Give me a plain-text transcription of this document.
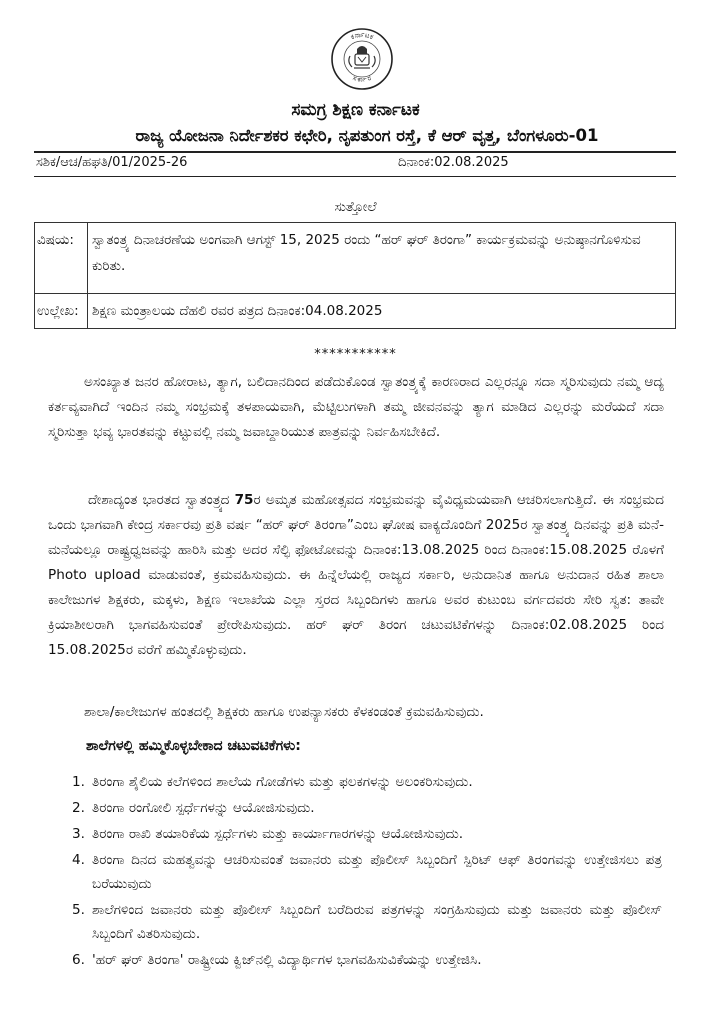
ಕರ್ನಾಟಕ
ಸರ್ಕಾರ
ಸಮಗ್ರ ಶಿಕ್ಷಣ ಕರ್ನಾಟಕ
ರಾಜ್ಯ ಯೋಜನಾ ನಿರ್ದೇಶಕರ ಕಛೇರಿ, ನೃಪತುಂಗ ರಸ್ತೆ, ಕೆ ಆರ್ ವೃತ್ತ, ಬೆಂಗಳೂರು-01
ಸಶಿಕ/ಆಚ/ಹಘತಿ/01/2025-26	ದಿನಾಂಕ:02.08.2025
ಸುತ್ತೋಲೆ
ವಿಷಯ:	ಸ್ವಾತಂತ್ರ್ಯ ದಿನಾಚರಣೆಯ ಅಂಗವಾಗಿ ಆಗಸ್ಟ್ 15, 2025 ರಂದು “ಹರ್ ಘರ್ ತಿರಂಗಾ” ಕಾರ್ಯಕ್ರಮವನ್ನು ಅನುಷ್ಠಾನಗೊಳಿಸುವ ಕುರಿತು.
ಉಲ್ಲೇಖ:	ಶಿಕ್ಷಣ ಮಂತ್ರಾಲಯ ದೆಹಲಿ ರವರ ಪತ್ರದ ದಿನಾಂಕ:04.08.2025
***********

ಅಸಂಖ್ಯಾತ ಜನರ ಹೋರಾಟ, ತ್ಯಾಗ, ಬಲಿದಾನದಿಂದ ಪಡೆದುಕೊಂಡ ಸ್ವಾತಂತ್ರ್ಯಕ್ಕೆ ಕಾರಣರಾದ ಎಲ್ಲರನ್ನೂ ಸದಾ ಸ್ಮರಿಸುವುದು ನಮ್ಮ ಆದ್ಯ ಕರ್ತವ್ಯವಾಗಿದೆ ಇಂದಿನ ನಮ್ಮ ಸಂಭ್ರಮಕ್ಕೆ ತಳಪಾಯವಾಗಿ, ಮೆಟ್ಟಿಲುಗಳಾಗಿ ತಮ್ಮ ಜೀವನವನ್ನು ತ್ಯಾಗ ಮಾಡಿದ ಎಲ್ಲರನ್ನು ಮರೆಯದೆ ಸದಾ ಸ್ಮರಿಸುತ್ತಾ ಭವ್ಯ ಭಾರತವನ್ನು ಕಟ್ಟುವಲ್ಲಿ ನಮ್ಮ ಜವಾಬ್ದಾರಿಯುತ ಪಾತ್ರವನ್ನು ನಿರ್ವಹಿಸಬೇಕಿದೆ.

ದೇಶಾದ್ಯಂತ ಭಾರತದ ಸ್ವಾತಂತ್ರ್ಯದ 75ರ ಅಮೃತ ಮಹೋತ್ಸವದ ಸಂಭ್ರಮವನ್ನು ವೈವಿಧ್ಯಮಯವಾಗಿ ಆಚರಿಸಲಾಗುತ್ತಿದೆ. ಈ ಸಂಭ್ರಮದ ಒಂದು ಭಾಗವಾಗಿ ಕೇಂದ್ರ ಸರ್ಕಾರವು ಪ್ರತಿ ವರ್ಷ “ಹರ್ ಘರ್ ತಿರಂಗಾ”ಎಂಬ ಘೋಷ ವಾಕ್ಯದೊಂದಿಗೆ 2025ರ ಸ್ವಾತಂತ್ರ್ಯ ದಿನವನ್ನು ಪ್ರತಿ ಮನೆ-ಮನೆಯಲ್ಲೂ ರಾಷ್ಟ್ರಧ್ವಜವನ್ನು ಹಾರಿಸಿ ಮತ್ತು ಅದರ ಸೆಲ್ಫಿ ಫೋಟೋವನ್ನು ದಿನಾಂಕ:13.08.2025 ರಿಂದ ದಿನಾಂಕ:15.08.2025 ರೊಳಗೆ Photo upload ಮಾಡುವಂತೆ, ಕ್ರಮವಹಿಸುವುದು. ಈ ಹಿನ್ನೆಲೆಯಲ್ಲಿ ರಾಜ್ಯದ ಸರ್ಕಾರಿ, ಅನುದಾನಿತ ಹಾಗೂ ಅನುದಾನ ರಹಿತ ಶಾಲಾ ಕಾಲೇಜುಗಳ ಶಿಕ್ಷಕರು, ಮಕ್ಕಳು, ಶಿಕ್ಷಣ ಇಲಾಖೆಯ ಎಲ್ಲಾ ಸ್ತರದ ಸಿಬ್ಬಂದಿಗಳು ಹಾಗೂ ಅವರ ಕುಟುಂಬ ವರ್ಗದವರು ಸೇರಿ ಸ್ವತ: ತಾವೇ ಕ್ರಿಯಾಶೀಲರಾಗಿ ಭಾಗವಹಿಸುವಂತೆ ಪ್ರೇರೇಪಿಸುವುದು. ಹರ್ ಘರ್ ತಿರಂಗ ಚಟುವಟಿಕೆಗಳನ್ನು ದಿನಾಂಕ:02.08.2025 ರಿಂದ 15.08.2025ರ ವರೆಗೆ ಹಮ್ಮಿಕೊಳ್ಳುವುದು.

ಶಾಲಾ/ಕಾಲೇಜುಗಳ ಹಂತದಲ್ಲಿ ಶಿಕ್ಷಕರು ಹಾಗೂ ಉಪನ್ಯಾಸಕರು ಕೆಳಕಂಡಂತೆ ಕ್ರಮವಹಿಸುವುದು.

ಶಾಲೆಗಳಲ್ಲಿ ಹಮ್ಮಿಕೊಳ್ಳಬೇಕಾದ ಚಟುವಟಿಕೆಗಳು:
1. ತಿರಂಗಾ ಶೈಲಿಯ ಕಲೆಗಳಿಂದ ಶಾಲೆಯ ಗೋಡೆಗಳು ಮತ್ತು ಫಲಕಗಳನ್ನು ಅಲಂಕರಿಸುವುದು.
2. ತಿರಂಗಾ ರಂಗೋಲಿ ಸ್ಪರ್ಧೆಗಳನ್ನು ಆಯೋಜಿಸುವುದು.
3. ತಿರಂಗಾ ರಾಖಿ ತಯಾರಿಕೆಯ ಸ್ಪರ್ಧೆಗಳು ಮತ್ತು ಕಾರ್ಯಾಗಾರಗಳನ್ನು ಆಯೋಜಿಸುವುದು.
4. ತಿರಂಗಾ ದಿನದ ಮಹತ್ವವನ್ನು ಆಚರಿಸುವಂತೆ ಜವಾನರು ಮತ್ತು ಪೊಲೀಸ್ ಸಿಬ್ಬಂದಿಗೆ ಸ್ಪಿರಿಟ್ ಆಫ್ ತಿರಂಗವನ್ನು ಉತ್ತೇಜಿಸಲು ಪತ್ರ ಬರೆಯುವುದು
5. ಶಾಲೆಗಳಿಂದ ಜವಾನರು ಮತ್ತು ಪೊಲೀಸ್ ಸಿಬ್ಬಂದಿಗೆ ಬರೆದಿರುವ ಪತ್ರಗಳನ್ನು ಸಂಗ್ರಹಿಸುವುದು ಮತ್ತು ಜವಾನರು ಮತ್ತು ಪೊಲೀಸ್ ಸಿಬ್ಬಂದಿಗೆ ವಿತರಿಸುವುದು.
6. 'ಹರ್ ಘರ್ ತಿರಂಗಾ' ರಾಷ್ಟ್ರೀಯ ಕ್ವಿಜ್‌ನಲ್ಲಿ ವಿದ್ಯಾರ್ಥಿಗಳ ಭಾಗವಹಿಸುವಿಕೆಯನ್ನು ಉತ್ತೇಜಿಸಿ.
